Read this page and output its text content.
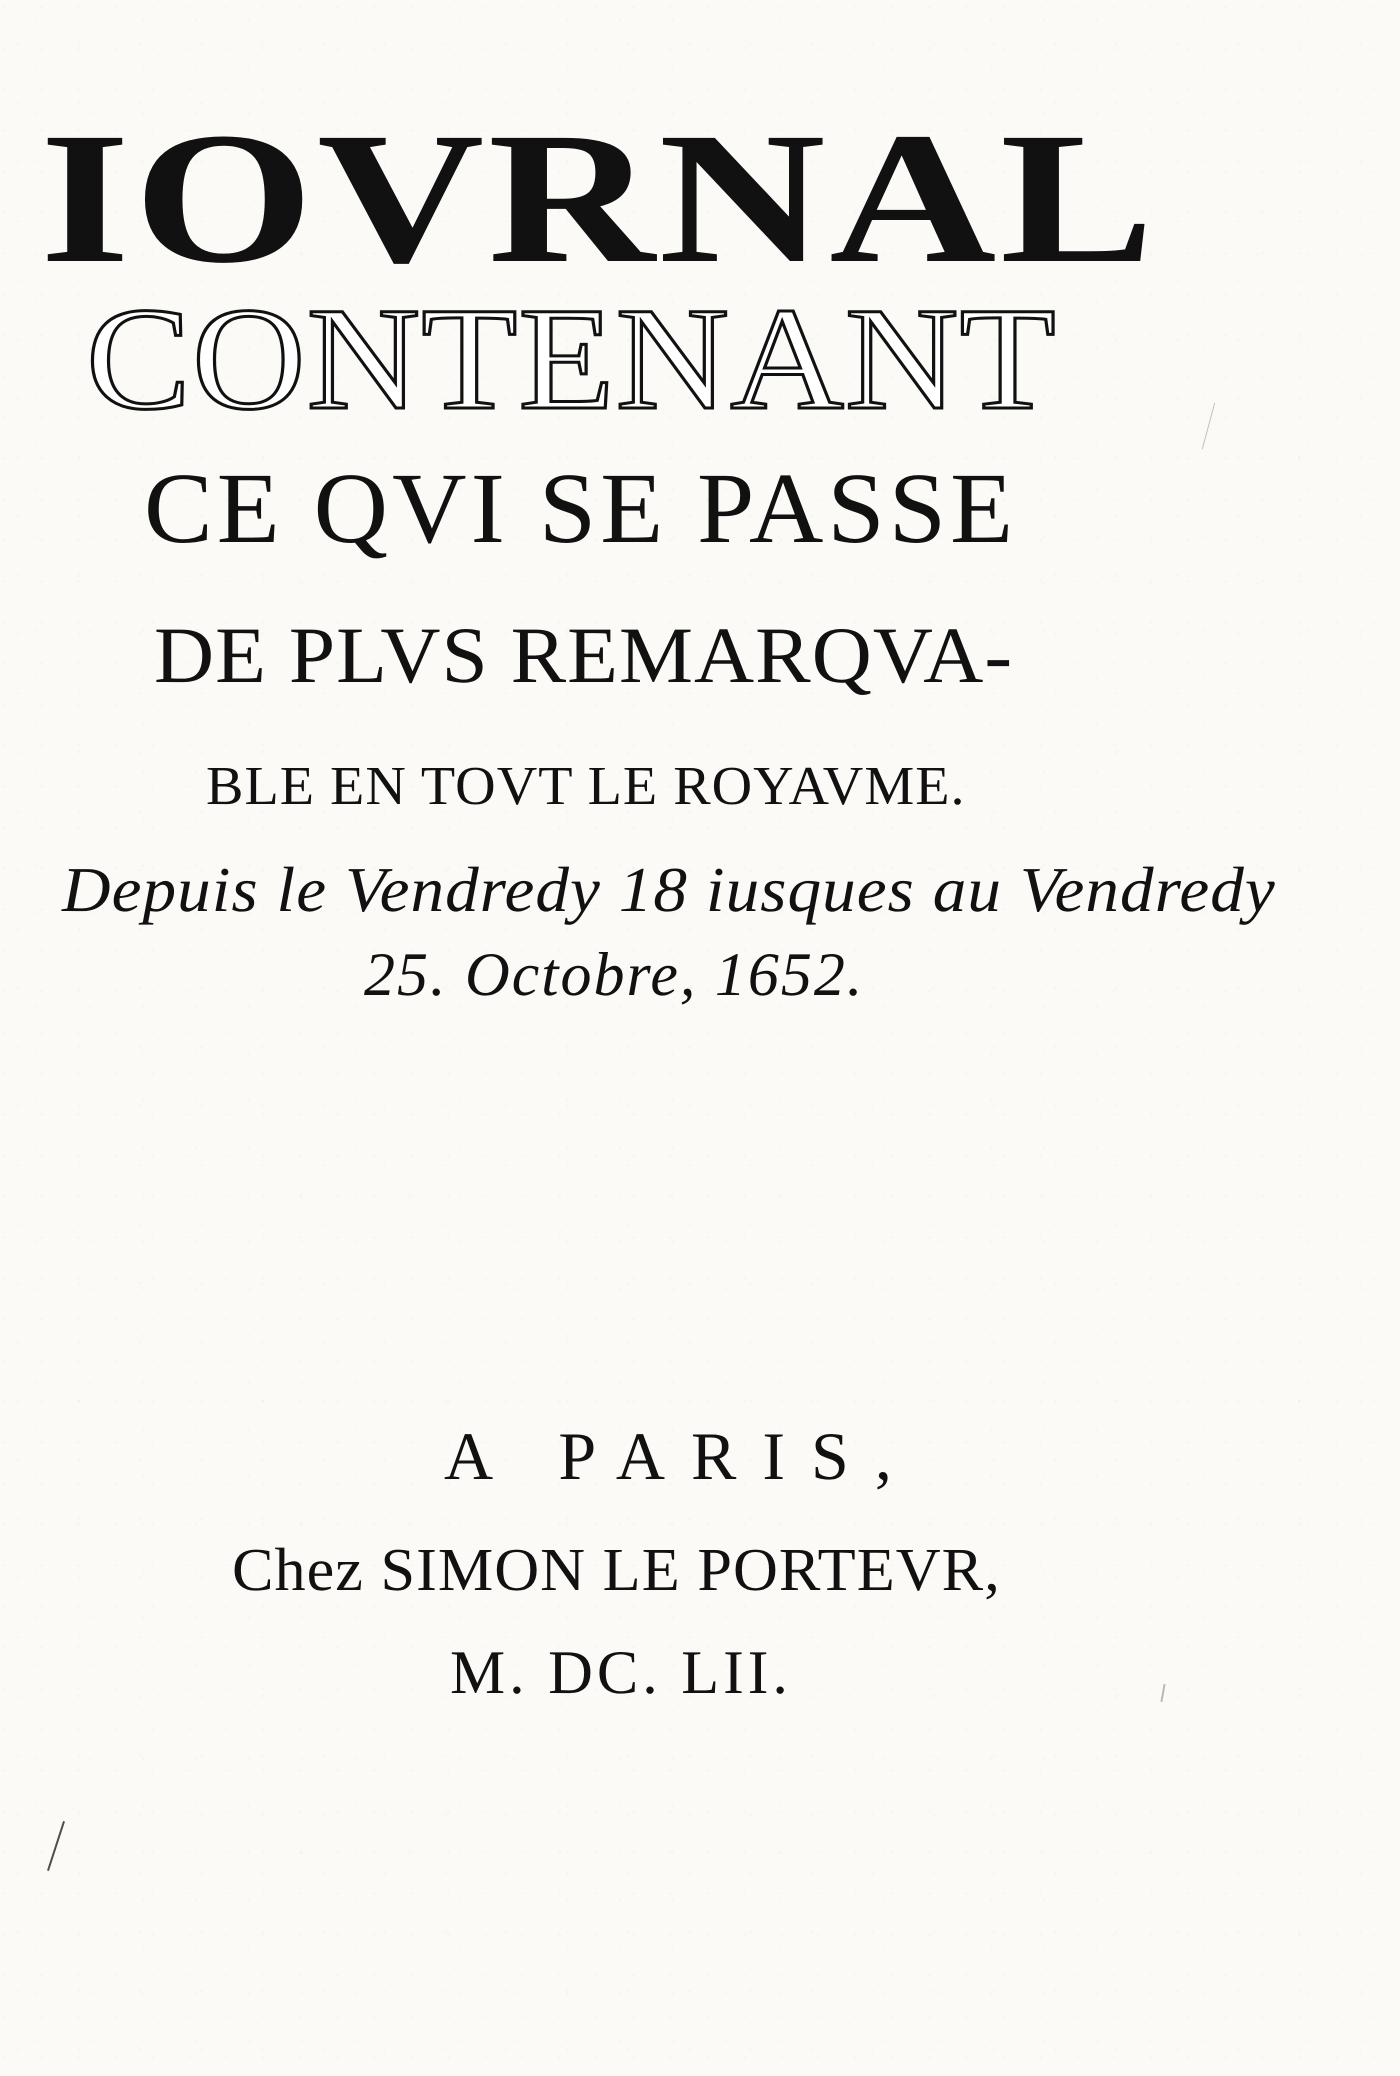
IOVRNAL
CONTENANT
CE QVI SE PASSE
DE PLVS REMARQVA-
BLE EN TOVT LE ROYAVME.
Depuis le Vendredy 18 iusques au Vendredy
25. Octobre, 1652.
A PARIS,
Chez SIMON LE PORTEVR,
M. DC. LII.
